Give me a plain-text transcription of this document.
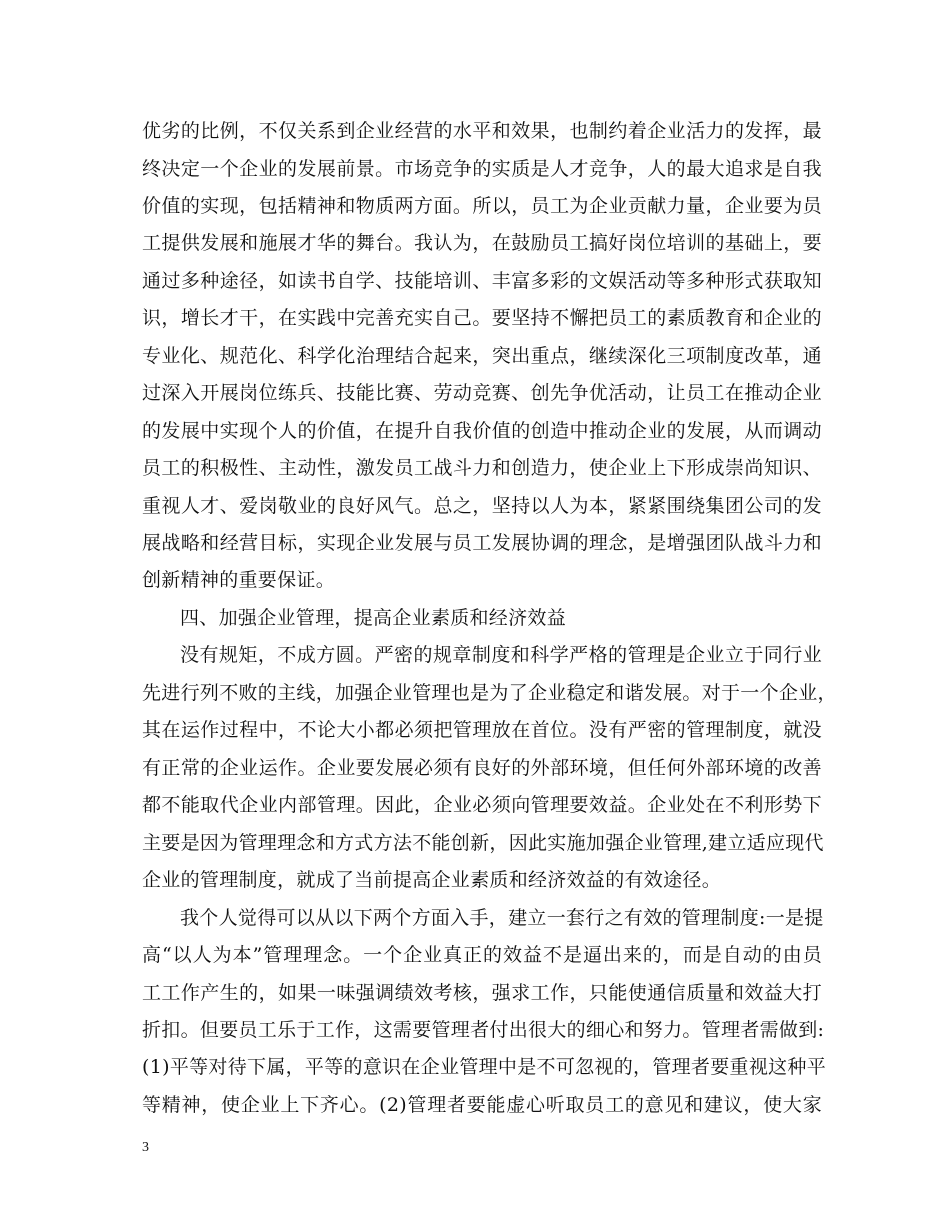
优劣的比例，不仅关系到企业经营的水平和效果，也制约着企业活力的发挥，最
终决定一个企业的发展前景。市场竞争的实质是人才竞争，人的最大追求是自我
价值的实现，包括精神和物质两方面。所以，员工为企业贡献力量，企业要为员
工提供发展和施展才华的舞台。我认为，在鼓励员工搞好岗位培训的基础上，要
通过多种途径，如读书自学、技能培训、丰富多彩的文娱活动等多种形式获取知
识，增长才干，在实践中完善充实自己。要坚持不懈把员工的素质教育和企业的
专业化、规范化、科学化治理结合起来，突出重点，继续深化三项制度改革，通
过深入开展岗位练兵、技能比赛、劳动竞赛、创先争优活动，让员工在推动企业
的发展中实现个人的价值，在提升自我价值的创造中推动企业的发展，从而调动
员工的积极性、主动性，激发员工战斗力和创造力，使企业上下形成崇尚知识、
重视人才、爱岗敬业的良好风气。总之，坚持以人为本，紧紧围绕集团公司的发
展战略和经营目标，实现企业发展与员工发展协调的理念，是增强团队战斗力和
创新精神的重要保证。
四、加强企业管理，提高企业素质和经济效益
没有规矩，不成方圆。严密的规章制度和科学严格的管理是企业立于同行业
先进行列不败的主线，加强企业管理也是为了企业稳定和谐发展。对于一个企业，
其在运作过程中，不论大小都必须把管理放在首位。没有严密的管理制度，就没
有正常的企业运作。企业要发展必须有良好的外部环境，但任何外部环境的改善
都不能取代企业内部管理。因此，企业必须向管理要效益。企业处在不利形势下
主要是因为管理理念和方式方法不能创新，因此实施加强企业管理,建立适应现代
企业的管理制度，就成了当前提高企业素质和经济效益的有效途径。
我个人觉得可以从以下两个方面入手，建立一套行之有效的管理制度:一是提
高“以人为本”管理理念。一个企业真正的效益不是逼出来的，而是自动的由员
工工作产生的，如果一味强调绩效考核，强求工作，只能使通信质量和效益大打
折扣。但要员工乐于工作，这需要管理者付出很大的细心和努力。管理者需做到:
(1)平等对待下属，平等的意识在企业管理中是不可忽视的，管理者要重视这种平
等精神，使企业上下齐心。(2)管理者要能虚心听取员工的意见和建议，使大家
3
